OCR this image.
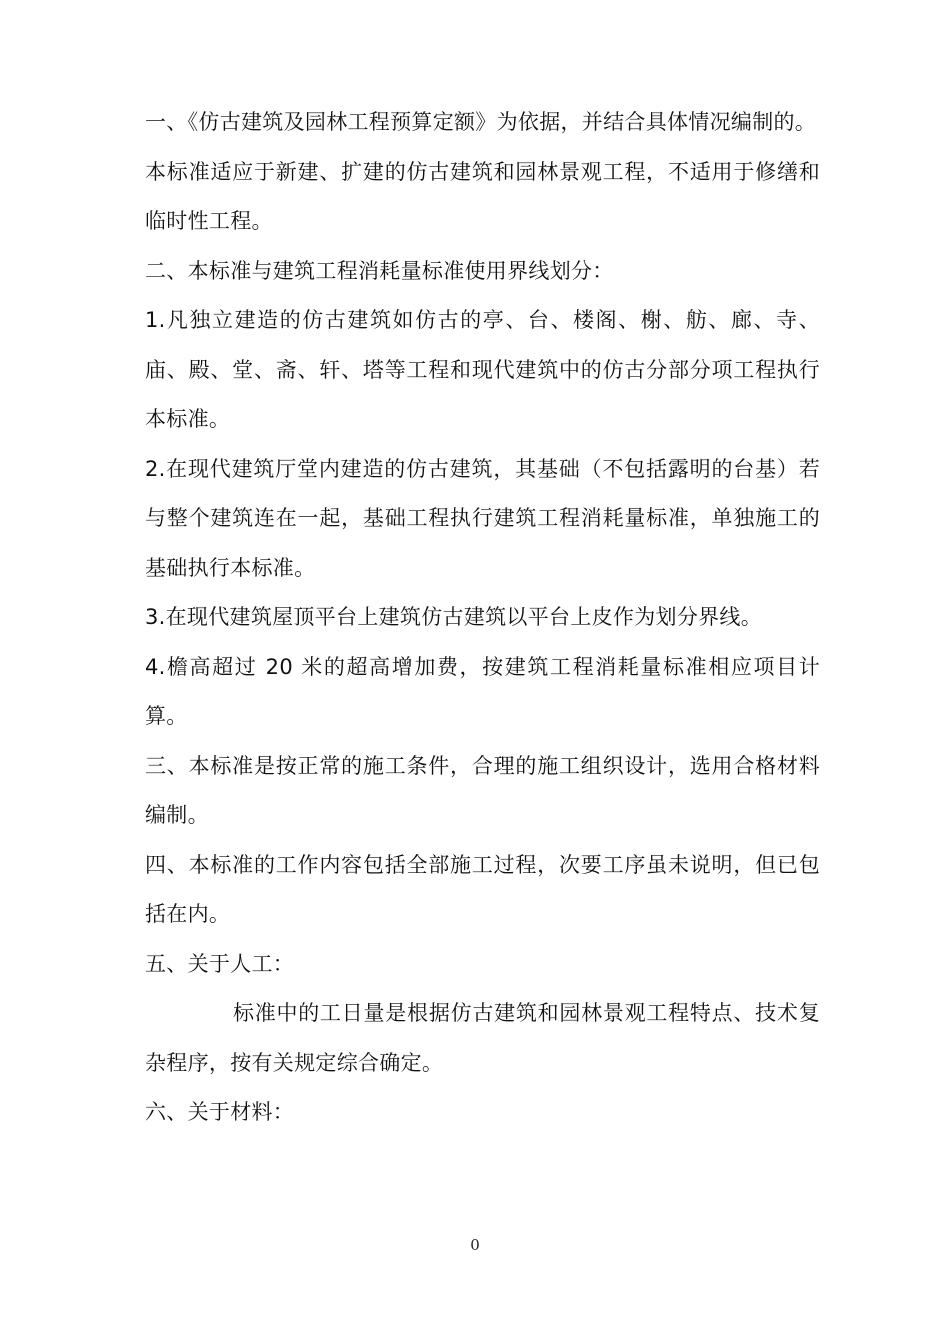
一、《仿古建筑及园林工程预算定额》为依据，并结合具体情况编制的。

本标准适应于新建、扩建的仿古建筑和园林景观工程，不适用于修缮和临时性工程。

二、本标准与建筑工程消耗量标准使用界线划分：

1.凡独立建造的仿古建筑如仿古的亭、台、楼阁、榭、舫、廊、寺、庙、殿、堂、斋、轩、塔等工程和现代建筑中的仿古分部分项工程执行本标准。

2.在现代建筑厅堂内建造的仿古建筑，其基础（不包括露明的台基）若与整个建筑连在一起，基础工程执行建筑工程消耗量标准，单独施工的基础执行本标准。

3.在现代建筑屋顶平台上建筑仿古建筑以平台上皮作为划分界线。

4.檐高超过 20 米的超高增加费，按建筑工程消耗量标准相应项目计算。

三、本标准是按正常的施工条件，合理的施工组织设计，选用合格材料编制。

四、本标准的工作内容包括全部施工过程，次要工序虽未说明，但已包括在内。

五、关于人工：

标准中的工日量是根据仿古建筑和园林景观工程特点、技术复杂程序，按有关规定综合确定。

六、关于材料：

0
